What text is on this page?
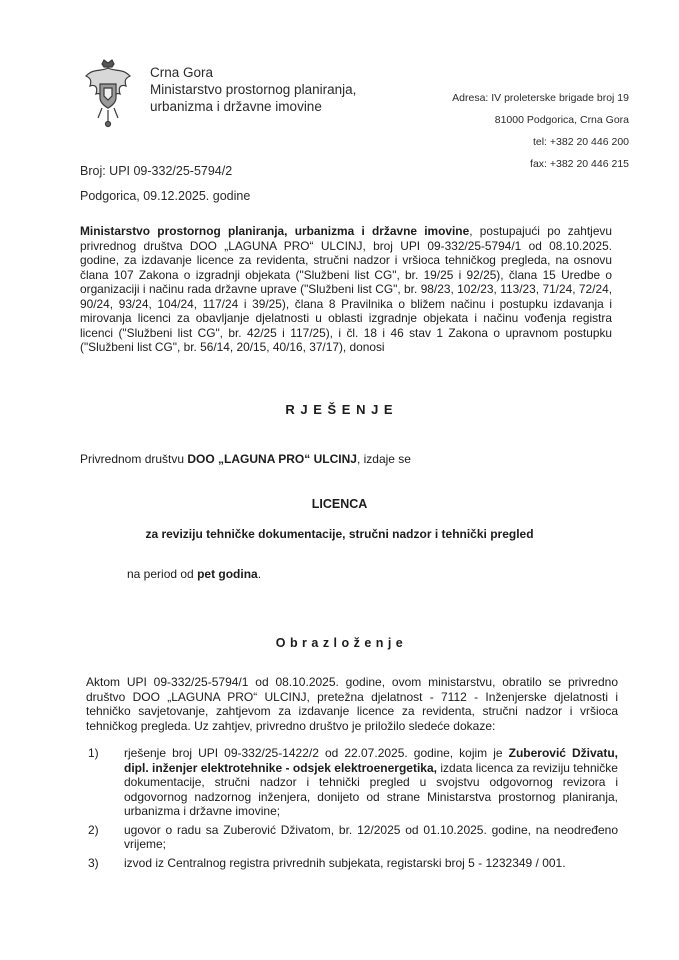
Crna Gora
Ministarstvo prostornog planiranja,
urbanizma i državne imovine
Adresa: IV proleterske brigade broj 19
81000 Podgorica, Crna Gora
tel: +382 20 446 200
fax: +382 20 446 215
Broj: UPI 09-332/25-5794/2
Podgorica, 09.12.2025. godine
Ministarstvo prostornog planiranja, urbanizma i državne imovine, postupajući po zahtjevu privrednog društva DOO „LAGUNA PRO“ ULCINJ, broj UPI 09-332/25-5794/1 od 08.10.2025. godine, za izdavanje licence za revidenta, stručni nadzor i vršioca tehničkog pregleda, na osnovu člana 107 Zakona o izgradnji objekata ("Službeni list CG", br. 19/25 i 92/25), člana 15 Uredbe o organizaciji i načinu rada državne uprave ("Službeni list CG", br. 98/23, 102/23, 113/23, 71/24, 72/24, 90/24, 93/24, 104/24, 117/24 i 39/25), člana 8 Pravilnika o bližem načinu i postupku izdavanja i mirovanja licenci za obavljanje djelatnosti u oblasti izgradnje objekata i načinu vođenja registra licenci ("Službeni list CG", br. 42/25 i 117/25), i čl. 18 i 46 stav 1 Zakona o upravnom postupku ("Službeni list CG", br. 56/14, 20/15, 40/16, 37/17), donosi
R J E Š E N J E
Privrednom društvu DOO „LAGUNA PRO“ ULCINJ, izdaje se
LICENCA
za reviziju tehničke dokumentacije, stručni nadzor i tehnički pregled
na period od pet godina.
O b r a z l o ž e n j e
Aktom UPI 09-332/25-5794/1 od 08.10.2025. godine, ovom ministarstvu, obratilo se privredno društvo DOO „LAGUNA PRO“ ULCINJ, pretežna djelatnost - 7112 - Inženjerske djelatnosti i tehničko savjetovanje, zahtjevom za izdavanje licence za revidenta, stručni nadzor i vršioca tehničkog pregleda. Uz zahtjev, privredno društvo je priložilo sledeće dokaze:
1)	rješenje broj UPI 09-332/25-1422/2 od 22.07.2025. godine, kojim je Zuberović Dživatu, dipl. inženjer elektrotehnike - odsjek elektroenergetika, izdata licenca za reviziju tehničke dokumentacije, stručni nadzor i tehnički pregled u svojstvu odgovornog revizora i odgovornog nadzornog inženjera, donijeto od strane Ministarstva prostornog planiranja, urbanizma i državne imovine;
2)	ugovor o radu sa Zuberović Dživatom, br. 12/2025 od 01.10.2025. godine, na neodređeno vrijeme;
3)	izvod iz Centralnog registra privrednih subjekata, registarski broj 5 - 1232349 / 001.
